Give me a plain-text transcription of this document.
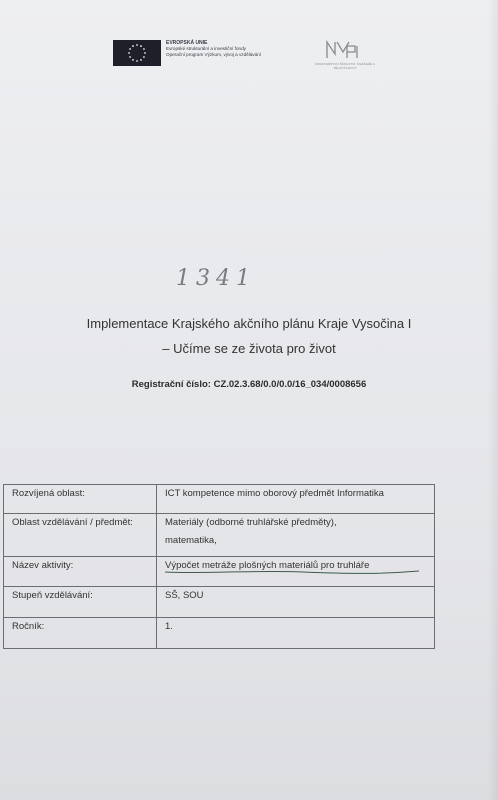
EVROPSKÁ UNIE
Evropské strukturální a investiční fondy
Operační program Výzkum, vývoj a vzdělávání
MINISTERSTVO ŠKOLSTVÍ, MLÁDEŽE A TĚLOVÝCHOVY
1341
Implementace Krajského akčního plánu Kraje Vysočina I
– Učíme se ze života pro život
Registrační číslo: CZ.02.3.68/0.0/0.0/16_034/0008656
Rozvíjená oblast:	ICT kompetence mimo oborový předmět Informatika
Oblast vzdělávání / předmět:	Materiály (odborné truhlářské předměty),
matematika,

Název aktivity:	Výpočet metráže plošných materiálů pro truhláře

Stupeň vzdělávání:	SŠ, SOU
Ročník:	1.
